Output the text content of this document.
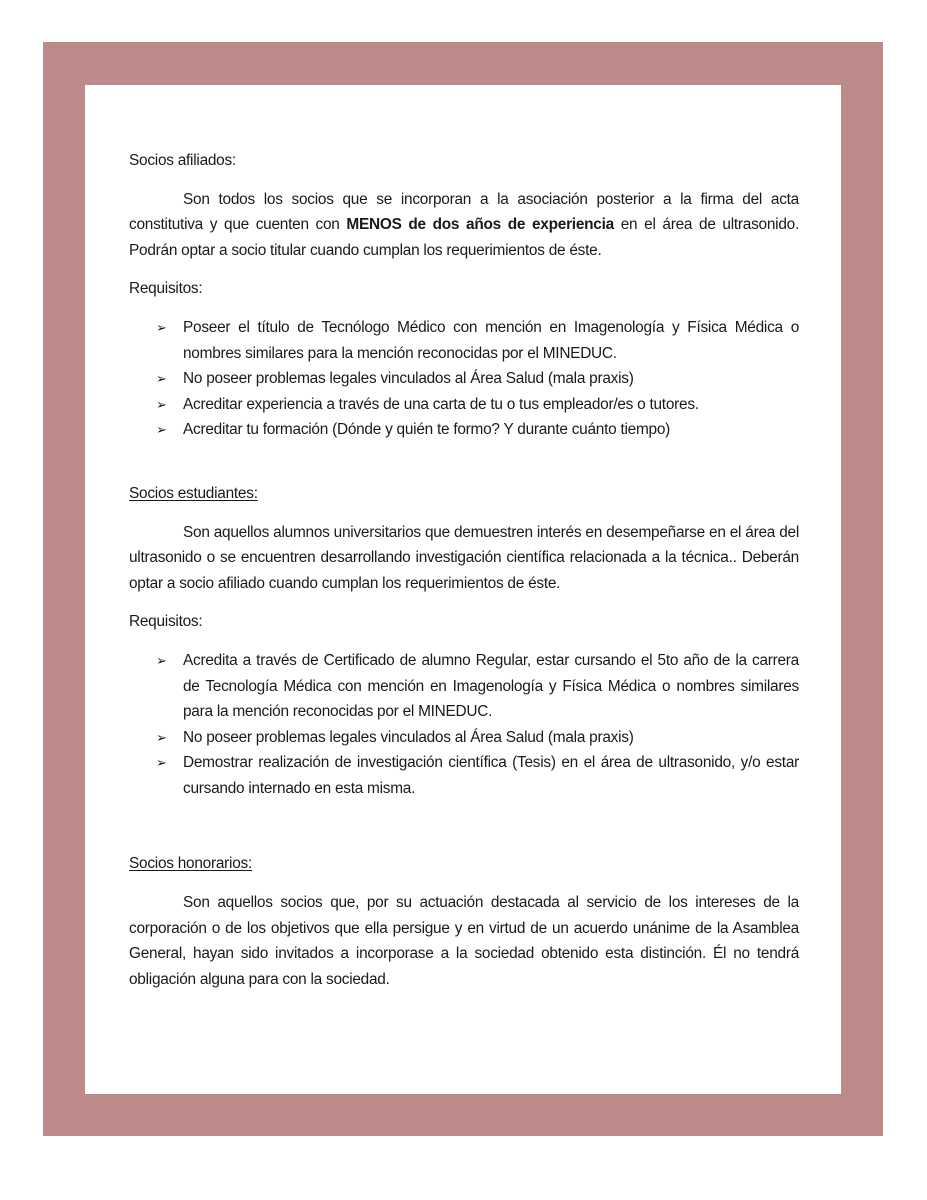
Socios afiliados:

Son todos los socios que se incorporan a la asociación posterior a la firma del acta constitutiva y que cuenten con MENOS de dos años de experiencia en el área de ultrasonido. Podrán optar a socio titular cuando cumplan los requerimientos de éste.

Requisitos:

➢ Poseer el título de Tecnólogo Médico con mención en Imagenología y Física Médica o nombres similares para la mención reconocidas por el MINEDUC.
➢ No poseer problemas legales vinculados al Área Salud (mala praxis)
➢ Acreditar experiencia a través de una carta de tu o tus empleador/es o tutores.
➢ Acreditar tu formación (Dónde y quién te formo? Y durante cuánto tiempo)

Socios estudiantes:

Son aquellos alumnos universitarios que demuestren interés en desempeñarse en el área del ultrasonido o se encuentren desarrollando investigación científica relacionada a la técnica.. Deberán optar a socio afiliado cuando cumplan los requerimientos de éste.

Requisitos:

➢ Acredita a través de Certificado de alumno Regular, estar cursando el 5to año de la carrera de Tecnología Médica con mención en Imagenología y Física Médica o nombres similares para la mención reconocidas por el MINEDUC.
➢ No poseer problemas legales vinculados al Área Salud (mala praxis)
➢ Demostrar realización de investigación científica (Tesis) en el área de ultrasonido, y/o estar cursando internado en esta misma.

Socios honorarios:

Son aquellos socios que, por su actuación destacada al servicio de los intereses de la corporación o de los objetivos que ella persigue y en virtud de un acuerdo unánime de la Asamblea General, hayan sido invitados a incorporase a la sociedad obtenido esta distinción. Él no tendrá obligación alguna para con la sociedad.
